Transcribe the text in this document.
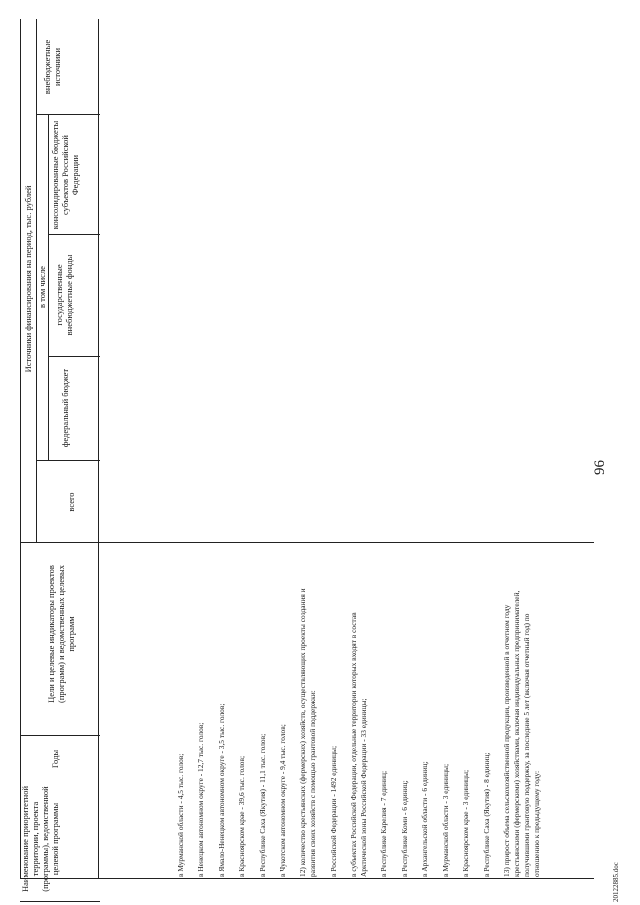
96
Наименование приоритетной территории, проекта (программы), ведомственной целевой программы
Годы
Цели и целевые индикаторы проектов (программ) и ведомственных целевых программ
Источники финансирования на период, тыс. рублей в том числе
всего
федеральный бюджет
государственные внебюджетные фонды
консолидированные бюджеты субъектов Российской Федерации
внебюджетные источники
в Мурманской области - 4,5 тыс. голов; в Ненецком автономном округе - 12,7 тыс. голов; в Ямало-Ненецком автономном округе - 3,5 тыс. голов; в Красноярском крае - 39,6 тыс. голов; в Республике Саха (Якутия) - 11,1 тыс. голов; в Чукотском автономном округе - 9,4 тыс. голов; 12) количество крестьянских (фермерских) хозяйств, осуществляющих проекты создания и развития своих хозяйств с помощью грантовой поддержки: в Российской Федерации - 1492 единицы; в субъектах Российской Федерации, отдельные территории которых входят в состав Арктической зоны Российской Федерации - 33 единицы; в Республике Карелия - 7 единиц; в Республике Коми - 6 единиц; в Архангельской области - 6 единиц; в Мурманской области - 3 единицы; в Красноярском крае - 3 единицы; в Республике Саха (Якутия) - 8 единиц; 13) прирост объема сельскохозяйственной продукции, произведенной в отчетном году крестьянскими (фермерскими) хозяйствами, включая индивидуальных предпринимателей, получившими грантовую поддержку, за последние 5 лет (включая отчетный год) по отношению к предыдущему году:
20122885.doc
